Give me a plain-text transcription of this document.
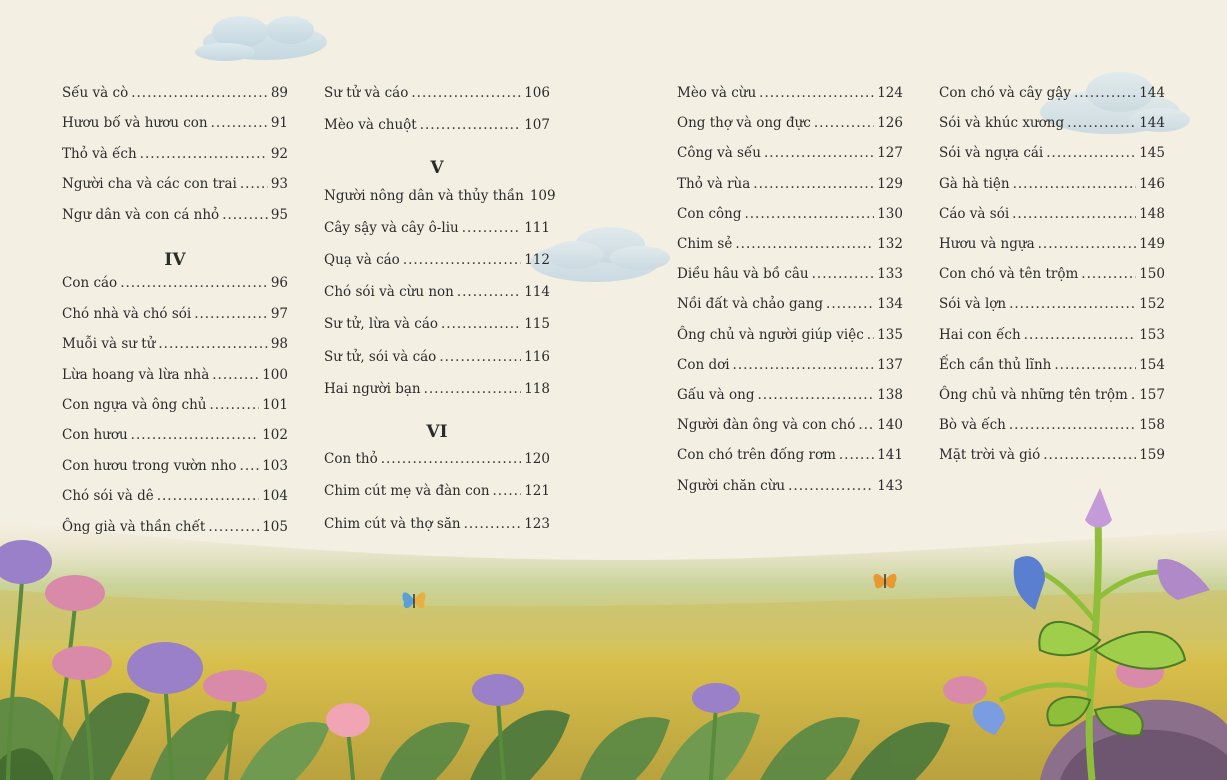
Sếu và cò .....	89
Hươu bố và hươu con .....	91
Thỏ và ếch .....	92
Người cha và các con trai .....	93
Ngư dân và con cá nhỏ .....	95
IV
Con cáo .....	96
Chó nhà và chó sói .....	97
Muỗi và sư tử .....	98
Lừa hoang và lừa nhà .....	100
Con ngựa và ông chủ .....	101
Con hươu .....	102
Con hươu trong vườn nho ..... 103
Chó sói và dê .....	104
Ông già và thần chết .....	105
Sư tử và cáo .....	106
Mèo và chuột .....	107
V
Người nông dân và thủy thần 109
Cây sậy và cây ô-liu .....	111
Quạ và cáo .....	112
Chó sói và cừu non .....	114
Sư tử, lừa và cáo .....	115
Sư tử, sói và cáo .....	116
Hai người bạn .....	118
VI
Con thỏ .....	120
Chim cút mẹ và đàn con .....	121
Chim cút và thợ săn .....	123
Mèo và cừu .....	124
Ong thợ và ong đực .....	126
Công và sếu .....	127
Thỏ và rùa .....	129
Con công .....	130
Chim sẻ .....	132
Diều hâu và bồ câu .....	133
Nồi đất và chảo gang .....	134
Ông chủ và người giúp việc ..... 135
Con dơi .....	137
Gấu và ong .....	138
Người đàn ông và con chó ..... 140
Con chó trên đống rơm .....	141
Người chăn cừu .....	143
Con chó và cây gậy .....	144
Sói và khúc xương .....	144
Sói và ngựa cái .....	145
Gà hà tiện .....	146
Cáo và sói .....	148
Hươu và ngựa .....	149
Con chó và tên trộm .....	150
Sói và lợn .....	152
Hai con ếch .....	153
Ếch cần thủ lĩnh .....	154
Ông chủ và những tên trộm ..... 157
Bò và ếch .....	158
Mặt trời và gió .....	159
